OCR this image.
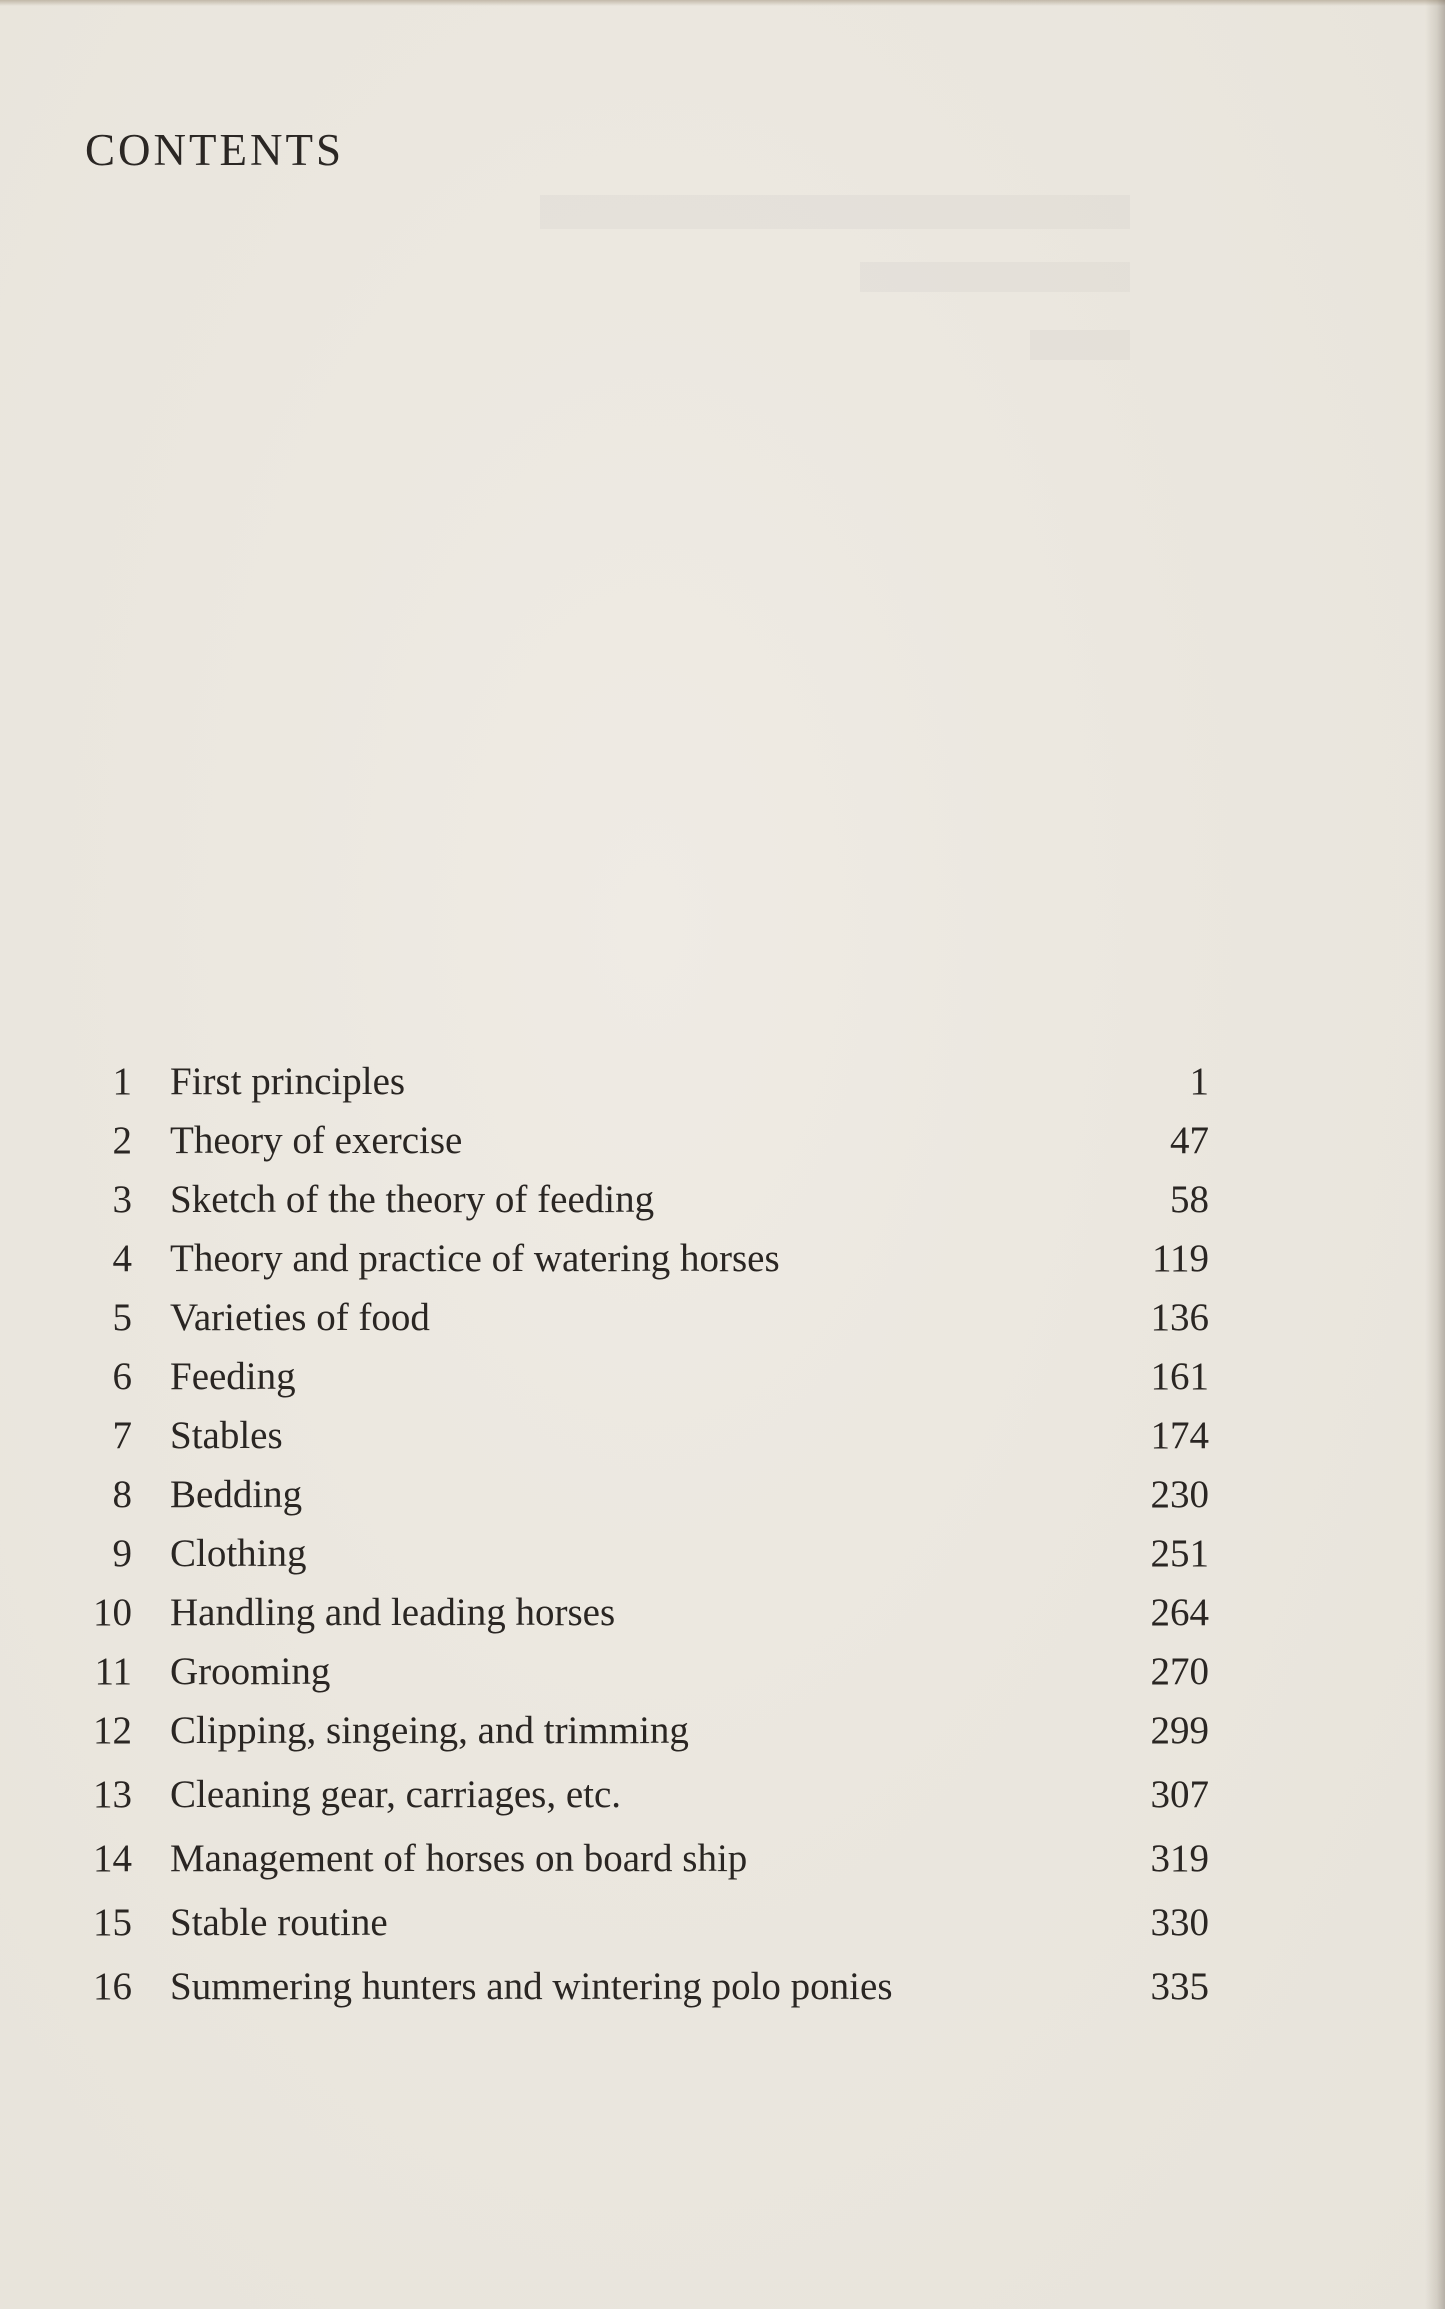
CONTENTS
1 First principles	1
2 Theory of exercise	47
3 Sketch of the theory of feeding	58
4 Theory and practice of watering horses	119
5 Varieties of food	136
6 Feeding	161
7 Stables	174
8 Bedding	230
9 Clothing	251
10 Handling and leading horses	264
11 Grooming	270
12 Clipping, singeing, and trimming	299
13 Cleaning gear, carriages, etc.	307
14 Management of horses on board ship	319
15 Stable routine	330
16 Summering hunters and wintering polo ponies	335
